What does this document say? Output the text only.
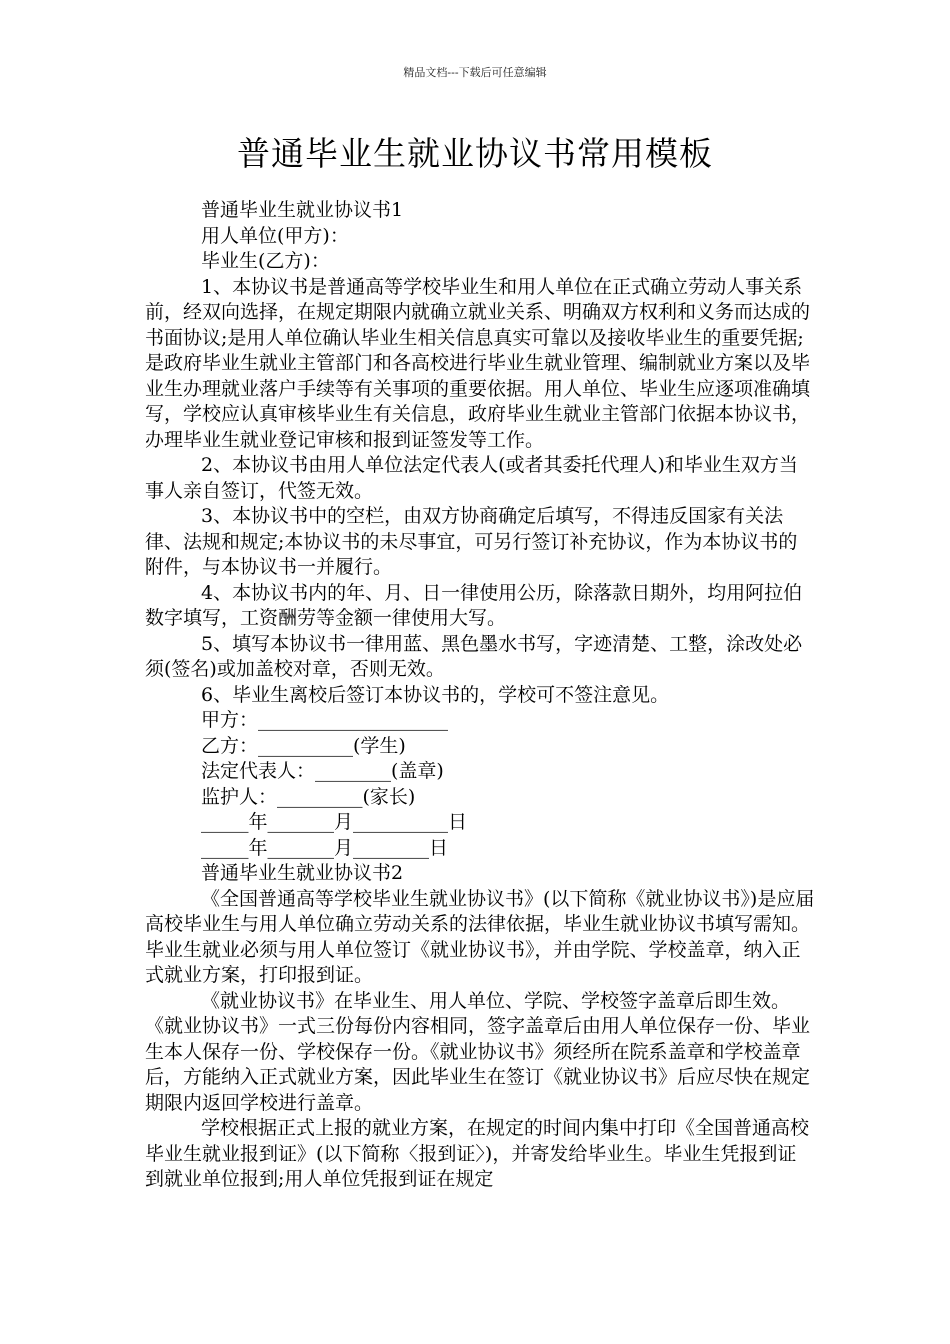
精品文档---下载后可任意编辑
普通毕业生就业协议书常用模板

普通毕业生就业协议书1

用人单位(甲方)：

毕业生(乙方)：

1、本协议书是普通高等学校毕业生和用人单位在正式确立劳动人事关系前，经双向选择，在规定期限内就确立就业关系、明确双方权利和义务而达成的书面协议;是用人单位确认毕业生相关信息真实可靠以及接收毕业生的重要凭据;是政府毕业生就业主管部门和各高校进行毕业生就业管理、编制就业方案以及毕业生办理就业落户手续等有关事项的重要依据。用人单位、毕业生应逐项准确填写，学校应认真审核毕业生有关信息，政府毕业生就业主管部门依据本协议书，办理毕业生就业登记审核和报到证签发等工作。

2、本协议书由用人单位法定代表人(或者其委托代理人)和毕业生双方当事人亲自签订，代签无效。

3、本协议书中的空栏，由双方协商确定后填写，不得违反国家有关法律、法规和规定;本协议书的未尽事宜，可另行签订补充协议，作为本协议书的附件，与本协议书一并履行。

4、本协议书内的年、月、日一律使用公历，除落款日期外，均用阿拉伯数字填写，工资酬劳等金额一律使用大写。

5、填写本协议书一律用蓝、黑色墨水书写，字迹清楚、工整，涂改处必须(签名)或加盖校对章，否则无效。

6、毕业生离校后签订本协议书的，学校可不签注意见。

甲方：____________________

乙方：__________(学生)

法定代表人：________(盖章)

监护人：_________(家长)

_____年_______月__________日

_____年_______月________日

普通毕业生就业协议书2

《全国普通高等学校毕业生就业协议书》(以下简称《就业协议书》)是应届高校毕业生与用人单位确立劳动关系的法律依据，毕业生就业协议书填写需知。毕业生就业必须与用人单位签订《就业协议书》，并由学院、学校盖章，纳入正式就业方案，打印报到证。

《就业协议书》在毕业生、用人单位、学院、学校签字盖章后即生效。《就业协议书》一式三份每份内容相同，签字盖章后由用人单位保存一份、毕业生本人保存一份、学校保存一份。《就业协议书》须经所在院系盖章和学校盖章后，方能纳入正式就业方案，因此毕业生在签订《就业协议书》后应尽快在规定期限内返回学校进行盖章。

学校根据正式上报的就业方案，在规定的时间内集中打印《全国普通高校毕业生就业报到证》(以下简称〈报到证〉)，并寄发给毕业生。毕业生凭报到证到就业单位报到;用人单位凭报到证在规定
